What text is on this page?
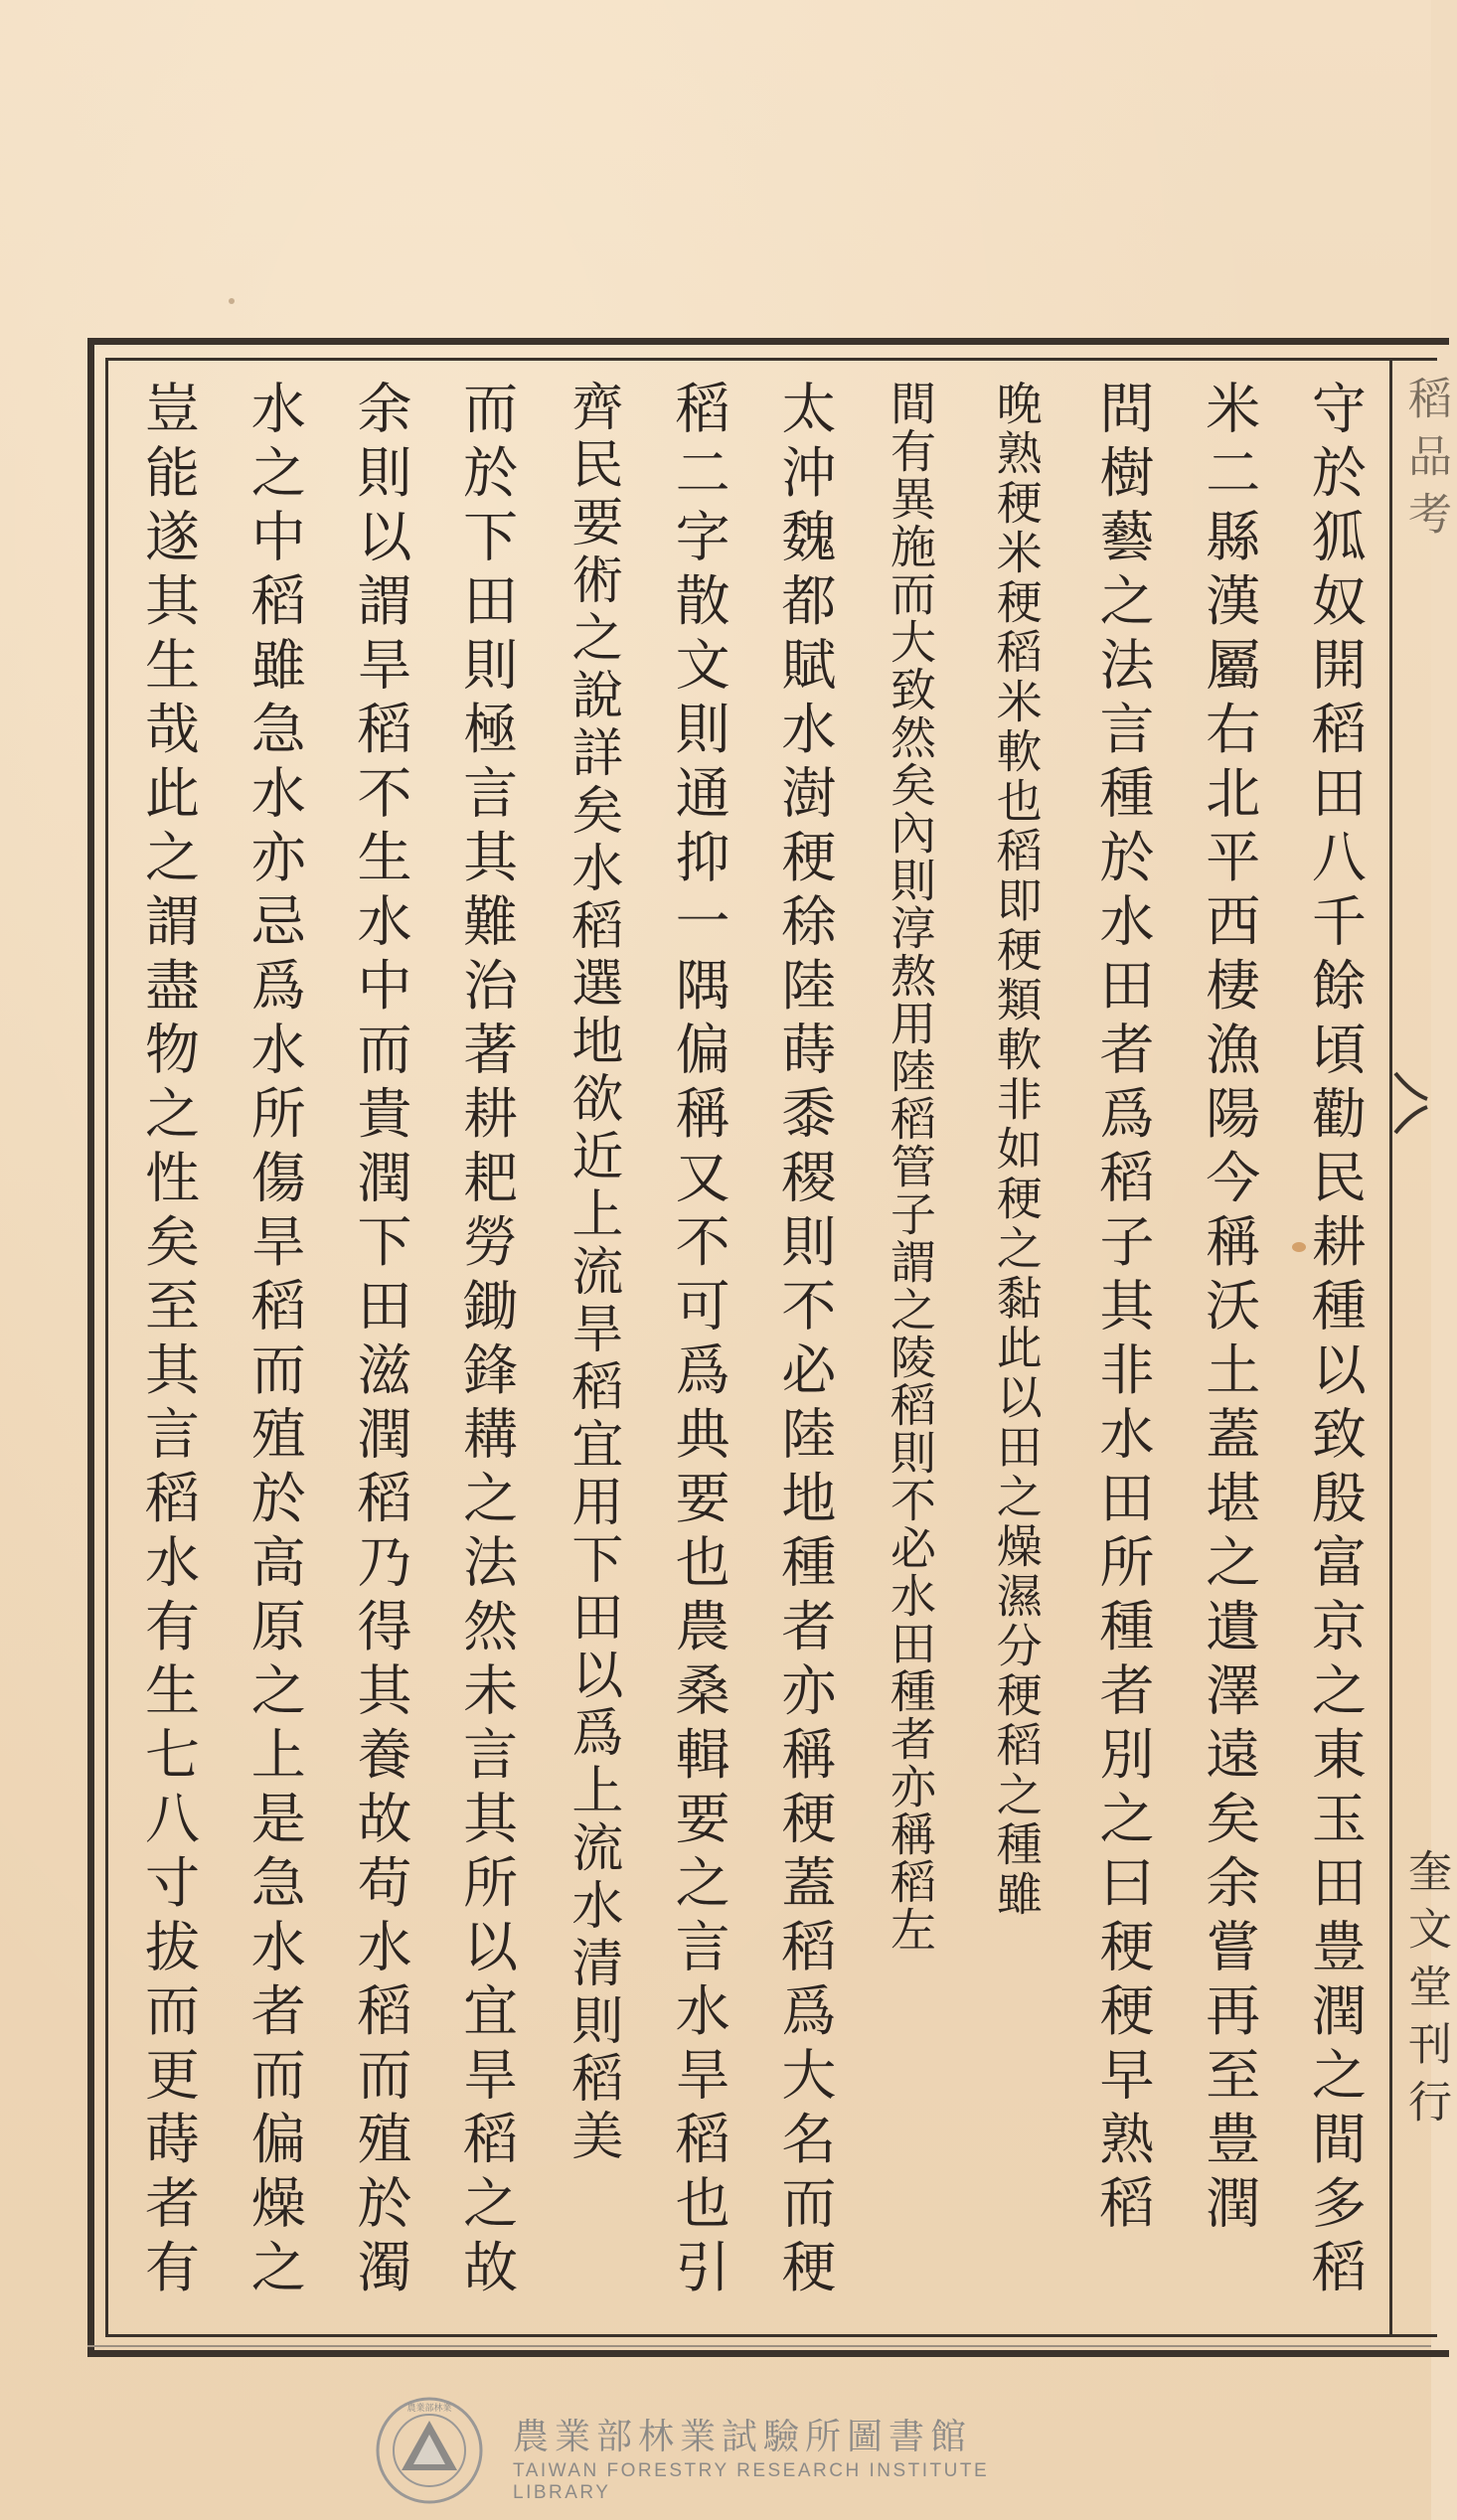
稻品考
奎文堂刊行
守於狐奴開稻田八千餘頃勸民耕種以致殷富京之東玉田豊潤之間多稻
米二縣漢屬右北平西棲漁陽今稱沃土蓋堪之遺澤遠矣余嘗再至豊潤
問樹藝之法言種於水田者爲稻子其非水田所種者別之曰稉稉早熟稻
晚熟稉米稉稻米軟也稻即稉類軟非如稉之黏此以田之燥濕分稉稻之種雖
間有異施而大致然矣內則淳熬用陸稻管子謂之陵稻則不必水田種者亦稱稻左
太沖魏都賦水澍稉稌陸蒔黍稷則不必陸地種者亦稱稉蓋稻爲大名而稉
稻二字散文則通抑一隅偏稱又不可爲典要也農桑輯要之言水旱稻也引
齊民要術之說詳矣水稻選地欲近上流旱稻宜用下田以爲上流水清則稻美
而於下田則極言其難治著耕耙勞鋤鋒耩之法然未言其所以宜旱稻之故
余則以謂旱稻不生水中而貴潤下田滋潤稻乃得其養故苟水稻而殖於濁
水之中稻雖急水亦忌爲水所傷旱稻而殖於高原之上是急水者而偏燥之
豈能遂其生哉此之謂盡物之性矣至其言稻水有生七八寸拔而更蒔者有
農業部林業
農業部林業試驗所圖書館
TAIWAN FORESTRY RESEARCH INSTITUTE LIBRARY
